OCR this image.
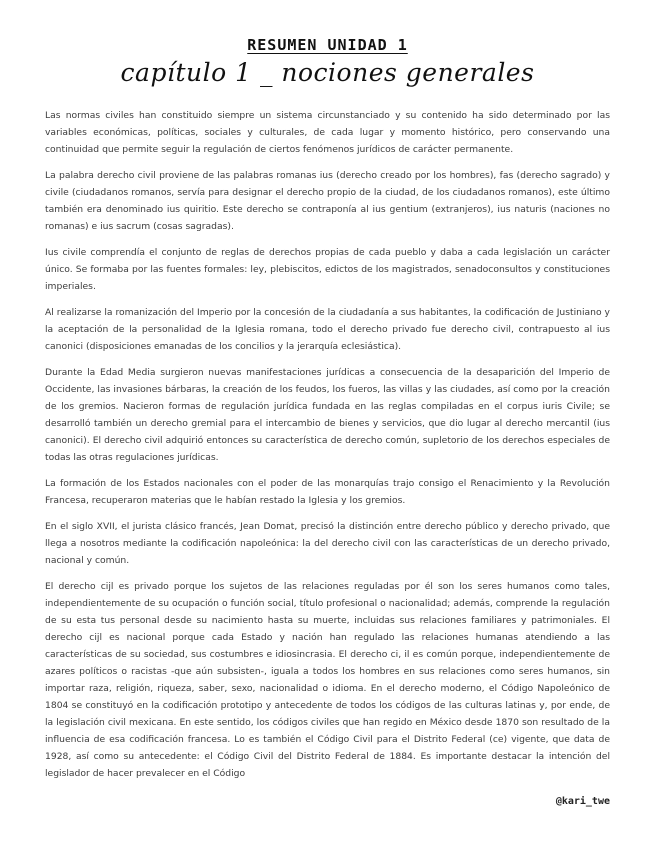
RESUMEN UNIDAD 1
capítulo 1 _ nociones generales

Las normas civiles han constituido siempre un sistema circunstanciado y su contenido ha sido determinado por las variables económicas, políticas, sociales y culturales, de cada lugar y momento histórico, pero conservando una continuidad que permite seguir la regulación de ciertos fenómenos jurídicos de carácter permanente.

La palabra derecho civil proviene de las palabras romanas ius (derecho creado por los hombres), fas (derecho sagrado) y civile (ciudadanos romanos, servía para designar el derecho propio de la ciudad, de los ciudadanos romanos), este último también era denominado ius quiritio. Este derecho se contraponía al ius gentium (extranjeros), ius naturis (naciones no romanas) e ius sacrum (cosas sagradas).

Ius civile comprendía el conjunto de reglas de derechos propias de cada pueblo y daba a cada legislación un carácter único. Se formaba por las fuentes formales: ley, plebiscitos, edictos de los magistrados, senadoconsultos y constituciones imperiales.

Al realizarse la romanización del Imperio por la concesión de la ciudadanía a sus habitantes, la codificación de Justiniano y la aceptación de la personalidad de la Iglesia romana, todo el derecho privado fue derecho civil, contrapuesto al ius canonici (disposiciones emanadas de los concilios y la jerarquía eclesiástica).

Durante la Edad Media surgieron nuevas manifestaciones jurídicas a consecuencia de la desaparición del Imperio de Occidente, las invasiones bárbaras, la creación de los feudos, los fueros, las villas y las ciudades, así como por la creación de los gremios. Nacieron formas de regulación jurídica fundada en las reglas compiladas en el corpus iuris Civile; se desarrolló también un derecho gremial para el intercambio de bienes y servicios, que dio lugar al derecho mercantil (ius canonici). El derecho civil adquirió entonces su característica de derecho común, supletorio de los derechos especiales de todas las otras regulaciones jurídicas.

La formación de los Estados nacionales con el poder de las monarquías trajo consigo el Renacimiento y la Revolución Francesa, recuperaron materias que le habían restado la Iglesia y los gremios.

En el siglo XVII, el jurista clásico francés, Jean Domat, precisó la distinción entre derecho público y derecho privado, que llega a nosotros mediante la codificación napoleónica: la del derecho civil con las características de un derecho privado, nacional y común.

El derecho cijl es privado porque los sujetos de las relaciones reguladas por él son los seres humanos como tales, independientemente de su ocupación o función social, título profesional o nacionalidad; además, comprende la regulación de su esta tus personal desde su nacimiento hasta su muerte, incluidas sus relaciones familiares y patrimoniales. El derecho cijl es nacional porque cada Estado y nación han regulado las relaciones humanas atendiendo a las características de su sociedad, sus costumbres e idiosincrasia. El derecho ci, il es común porque, independientemente de azares políticos o racistas -que aún subsisten-, iguala a todos los hombres en sus relaciones como seres humanos, sin importar raza, religión, riqueza, saber, sexo, nacionalidad o idioma. En el derecho moderno, el Código Napoleónico de 1804 se constituyó en la codificación prototipo y antecedente de todos los códigos de las culturas latinas y, por ende, de la legislación civil mexicana. En este sentido, los códigos civiles que han regido en México desde 1870 son resultado de la influencia de esa codificación francesa. Lo es también el Código Civil para el Distrito Federal (ce) vigente, que data de 1928, así como su antecedente: el Código Civil del Distrito Federal de 1884. Es importante destacar la intención del legislador de hacer prevalecer en el Código

@kari_twe
